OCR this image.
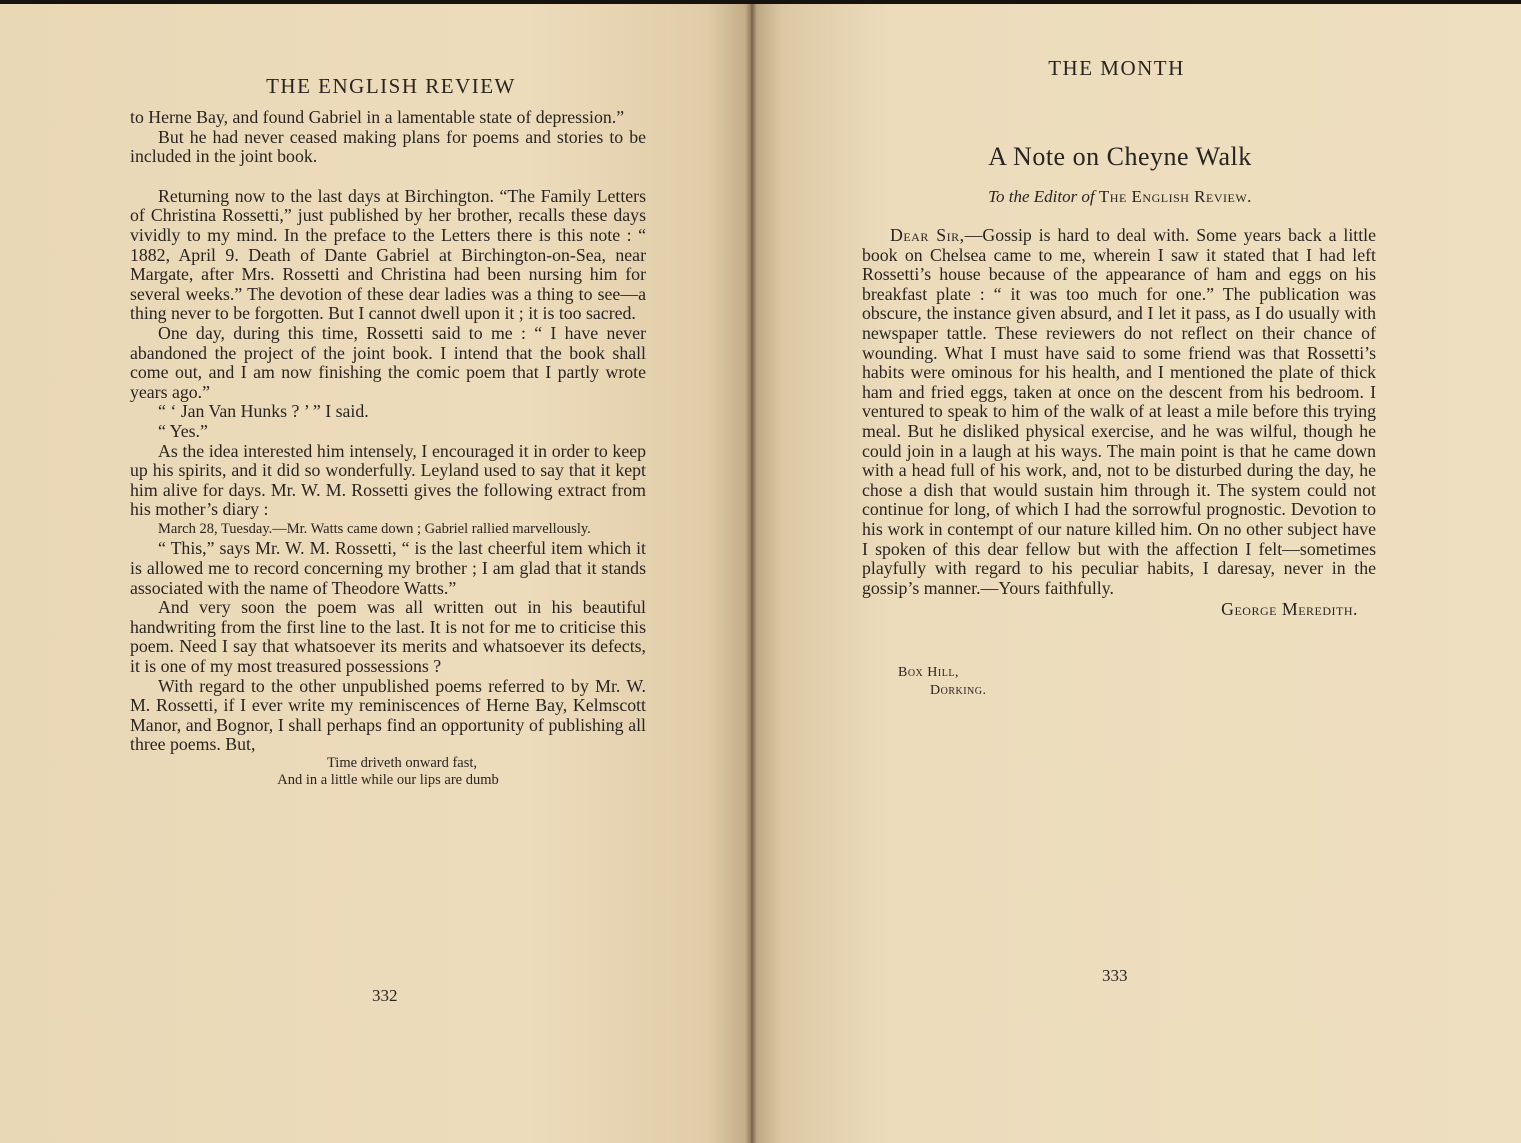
THE ENGLISH REVIEW

to Herne Bay, and found Gabriel in a lamentable state of depression.”

But he had never ceased making plans for poems and stories to be included in the joint book.

Returning now to the last days at Birchington. “The Family Letters of Christina Rossetti,” just published by her brother, recalls these days vividly to my mind. In the preface to the Letters there is this note : “ 1882, April 9. Death of Dante Gabriel at Birchington-on-Sea, near Margate, after Mrs. Rossetti and Christina had been nursing him for several weeks.” The devotion of these dear ladies was a thing to see—a thing never to be forgotten. But I cannot dwell upon it ; it is too sacred.

One day, during this time, Rossetti said to me : “ I have never abandoned the project of the joint book. I intend that the book shall come out, and I am now finishing the comic poem that I partly wrote years ago.”

“ ‘ Jan Van Hunks ? ’ ” I said.

“ Yes.”

As the idea interested him intensely, I encouraged it in order to keep up his spirits, and it did so wonderfully. Leyland used to say that it kept him alive for days. Mr. W. M. Rossetti gives the following extract from his mother’s diary :

March 28, Tuesday.—Mr. Watts came down ; Gabriel rallied marvellously.

“ This,” says Mr. W. M. Rossetti, “ is the last cheerful item which it is allowed me to record concerning my brother ; I am glad that it stands associated with the name of Theodore Watts.”

And very soon the poem was all written out in his beautiful handwriting from the first line to the last. It is not for me to criticise this poem. Need I say that whatsoever its merits and whatsoever its defects, it is one of my most treasured possessions ?

With regard to the other unpublished poems referred to by Mr. W. M. Rossetti, if I ever write my reminiscences of Herne Bay, Kelmscott Manor, and Bognor, I shall perhaps find an opportunity of publishing all three poems. But,

Time driveth onward fast,
And in a little while our lips are dumb

332
THE MONTH
A Note on Cheyne Walk
To the Editor of The English Review.

Dear Sir,—Gossip is hard to deal with. Some years back a little book on Chelsea came to me, wherein I saw it stated that I had left Rossetti’s house because of the appearance of ham and eggs on his breakfast plate : “ it was too much for one.” The publication was obscure, the instance given absurd, and I let it pass, as I do usually with newspaper tattle. These reviewers do not reflect on their chance of wounding. What I must have said to some friend was that Rossetti’s habits were ominous for his health, and I mentioned the plate of thick ham and fried eggs, taken at once on the descent from his bedroom. I ventured to speak to him of the walk of at least a mile before this trying meal. But he disliked physical exercise, and he was wilful, though he could join in a laugh at his ways. The main point is that he came down with a head full of his work, and, not to be disturbed during the day, he chose a dish that would sustain him through it. The system could not continue for long, of which I had the sorrowful prognostic. Devotion to his work in contempt of our nature killed him. On no other subject have I spoken of this dear fellow but with the affection I felt—sometimes playfully with regard to his peculiar habits, I daresay, never in the gossip’s manner.—Yours faithfully.

George Meredith.
Box Hill,
Dorking.
333
